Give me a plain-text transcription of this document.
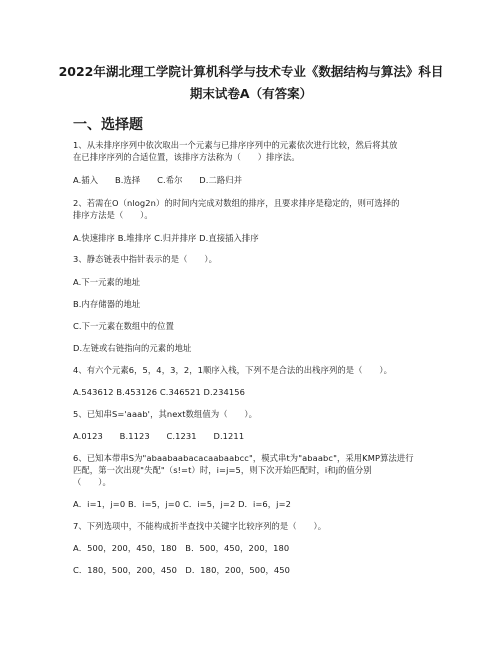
2022年湖北理工学院计算机科学与技术专业《数据结构与算法》科目
期末试卷A（有答案）
一、选择题
1、从未排序序列中依次取出一个元素与已排序序列中的元素依次进行比较，然后将其放
在已排序序列的合适位置，该排序方法称为（　　）排序法。
A.插入　　B.选择　　C.希尔　　D.二路归并
2、若需在O（nlog2n）的时间内完成对数组的排序，且要求排序是稳定的，则可选择的
排序方法是（　　）。
A.快速排序 B.堆排序 C.归并排序 D.直接插入排序
3、静态链表中指针表示的是（　　）。
A.下一元素的地址
B.内存储器的地址
C.下一元素在数组中的位置
D.左链或右链指向的元素的地址
4、有六个元素6，5，4，3，2，1顺序入栈，下列不是合法的出栈序列的是（　　）。
A.543612 B.453126 C.346521 D.234156
5、已知串S='aaab'，其next数组值为（　　）。
A.0123　　B.1123　　C.1231　　D.1211
6、已知本带串S为"abaabaabacacaabaabcc"，模式串t为"abaabc"，采用KMP算法进行
匹配，第一次出现"失配"（s!=t）时，i=j=5，则下次开始匹配时，i和j的值分别
（　　）。
A．i=1，j=0 B．i=5，j=0 C．i=5，j=2 D．i=6，j=2
7、下列选项中，不能构成折半查找中关键字比较序列的是（　　）。
A．500，200，450，180　B．500，450，200，180
C．180，500，200，450　D．180，200，500，450
